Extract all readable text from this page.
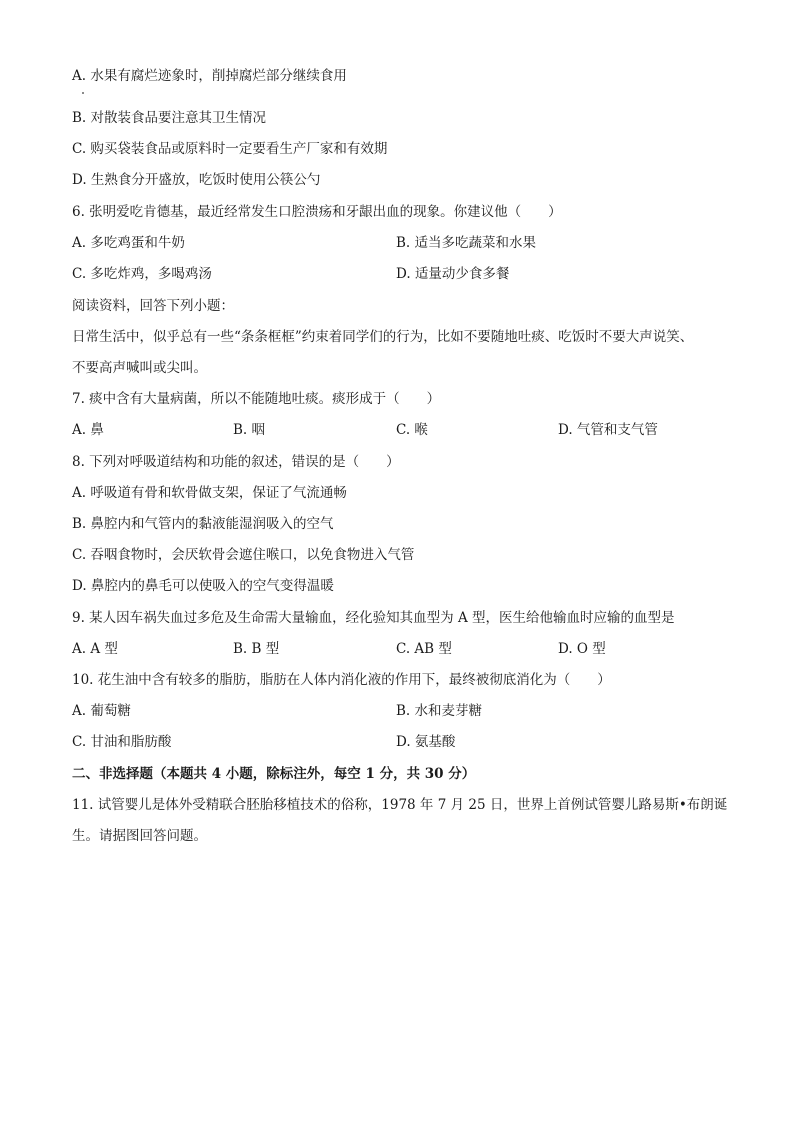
A. 水果有腐烂迹象时，削掉腐烂部分继续食用
B. 对散装食品要注意其卫生情况
C. 购买袋装食品或原料时一定要看生产厂家和有效期
D. 生熟食分开盛放，吃饭时使用公筷公勺
6. 张明爱吃肯德基，最近经常发生口腔溃疡和牙龈出血的现象。你建议他（　　）
A. 多吃鸡蛋和牛奶	B. 适当多吃蔬菜和水果
C. 多吃炸鸡，多喝鸡汤	D. 适量动少食多餐
阅读资料，回答下列小题：
日常生活中，似乎总有一些“条条框框”约束着同学们的行为，比如不要随地吐痰、吃饭时不要大声说笑、
不要高声喊叫或尖叫。
7. 痰中含有大量病菌，所以不能随地吐痰。痰形成于（　　）
A. 鼻	B. 咽	C. 喉	D. 气管和支气管
8. 下列对呼吸道结构和功能的叙述，错误的是（　　）
A. 呼吸道有骨和软骨做支架，保证了气流通畅
B. 鼻腔内和气管内的黏液能湿润吸入的空气
C. 吞咽食物时，会厌软骨会遮住喉口，以免食物进入气管
D. 鼻腔内的鼻毛可以使吸入的空气变得温暖
9. 某人因车祸失血过多危及生命需大量输血，经化验知其血型为 A 型，医生给他输血时应输的血型是
A. A 型	B. B 型	C. AB 型	D. O 型
10. 花生油中含有较多的脂肪，脂肪在人体内消化液的作用下，最终被彻底消化为（　　）
A. 葡萄糖	B. 水和麦芽糖
C. 甘油和脂肪酸	D. 氨基酸
二、非选择题（本题共 4 小题，除标注外，每空 1 分，共 30 分）
11. 试管婴儿是体外受精联合胚胎移植技术的俗称，1978 年 7 月 25 日，世界上首例试管婴儿路易斯•布朗诞
生。请据图回答问题。
